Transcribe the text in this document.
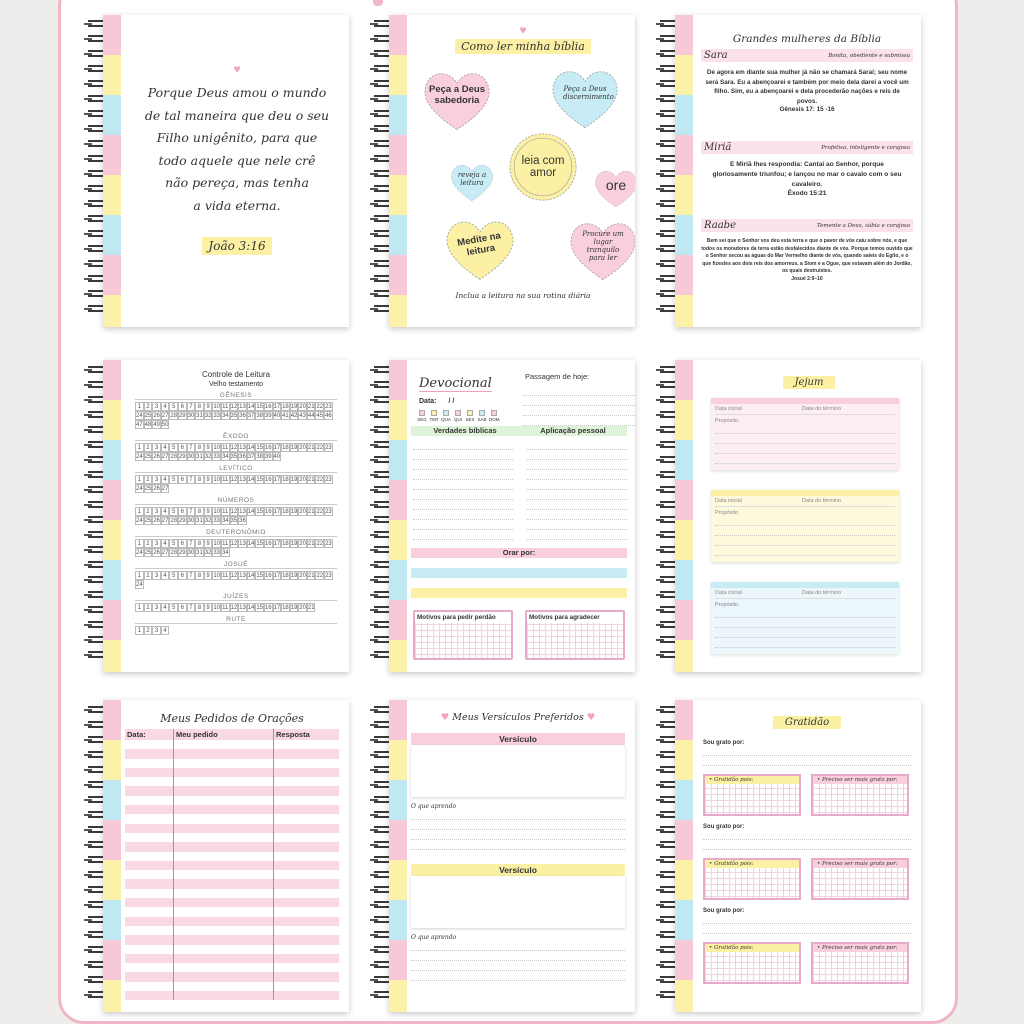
♥
Porque Deus amou o mundo
de tal maneira que deu o seu
Filho unigênito, para que
todo aquele que nele crê
não pereça, mas tenha
a vida eterna.
João 3:16
♥
Como ler minha bíblia
Peça a Deus sabedoria
Peça a Deus discernimento
leia com amor
ore
reveja a leitura
Medite na leitura
Procure um lugar tranquilo para ler
Inclua a leitura na sua rotina diária
Grandes mulheres da Bíblia
Sara	Bonita, obediente e submissa
De agora em diante sua mulher já não se chamará Sarai; seu nome será Sara. Eu a abençoarei e também por meio dela darei a você um filho. Sim, eu a abençoarei e dela procederão nações e reis de povos.
Gênesis 17: 15 -16
Miriã	Profetisa, inteligente e corajosa
E Miriã lhes respondia: Cantai ao Senhor, porque gloriosamente triunfou; e lançou no mar o cavalo com o seu cavaleiro.
Êxodo 15:21
Raabe	Temente a Deus, sábia e corajosa
Bem sei que o Senhor vos deu esta terra e que o pavor de vós caiu sobre nós, e que todos os moradores da terra estão desfalecidos diante de vós. Porque temos ouvido que o Senhor secou as águas do Mar Vermelho diante de vós, quando saíeis do Egito, e o que fizestes aos dois reis dos amorreus, a Siom e a Ogue, que estavam além do Jordão, os quais destruístes.
Josué 2:9–10
Controle de Leitura
Velho testamento
GÊNESIS
1 2 3 4 5 6 7 8 9 10 11 12 13 14 15 16 17 18 19 20 21 22 23
24 25 26 27 28 29 30 31 32 33 34 35 36 37 38 39 40 41 42 43 44 45 46
47 48 49 50
ÊXODO
1 2 3 4 5 6 7 8 9 10 11 12 13 14 15 16 17 18 19 20 21 22 23
24 25 26 27 28 29 30 31 32 33 34 35 36 37 38 39 40
LEVÍTICO
1 2 3 4 5 6 7 8 9 10 11 12 13 14 15 16 17 18 19 20 21 22 23
24 25 26 27
NÚMEROS
1 2 3 4 5 6 7 8 9 10 11 12 13 14 15 16 17 18 19 20 21 22 23
24 25 26 27 28 29 30 31 32 33 34 35 36
DEUTERONÔMIO
1 2 3 4 5 6 7 8 9 10 11 12 13 14 15 16 17 18 19 20 21 22 23
24 25 26 27 28 29 30 31 32 33 34
JOSUÉ
1 2 3 4 5 6 7 8 9 10 11 12 13 14 15 16 17 18 19 20 21 22 23
24
JUÍZES
1 2 3 4 5 6 7 8 9 10 11 12 13 14 15 16 17 18 19 20 21
RUTE
1 2 3 4
Devocional
Data: / /
SEG TER QUA QUI SEX SAB DOM
Passagem de hoje:
Verdades bíblicas	Aplicação pessoal
Orar por:
Motivos para pedir perdão	Motivos para agradecer
Jejum
Data inicial	Data do término
Propósito
Data inicial	Data do término
Propósito
Data inicial	Data do término
Propósito
Meus Pedidos de Orações
Data:	Meu pedido	Resposta
♥ Meus Versículos Preferidos ♥
Versículo
O que aprendo
Versículo
O que aprendo
Gratidão
Sou grato por:
• Gratidão pois:	• Preciso ser mais grato por:
Sou grato por:
• Gratidão pois:	• Preciso ser mais grato por:
Sou grato por:
• Gratidão pois:	• Preciso ser mais grato por:
